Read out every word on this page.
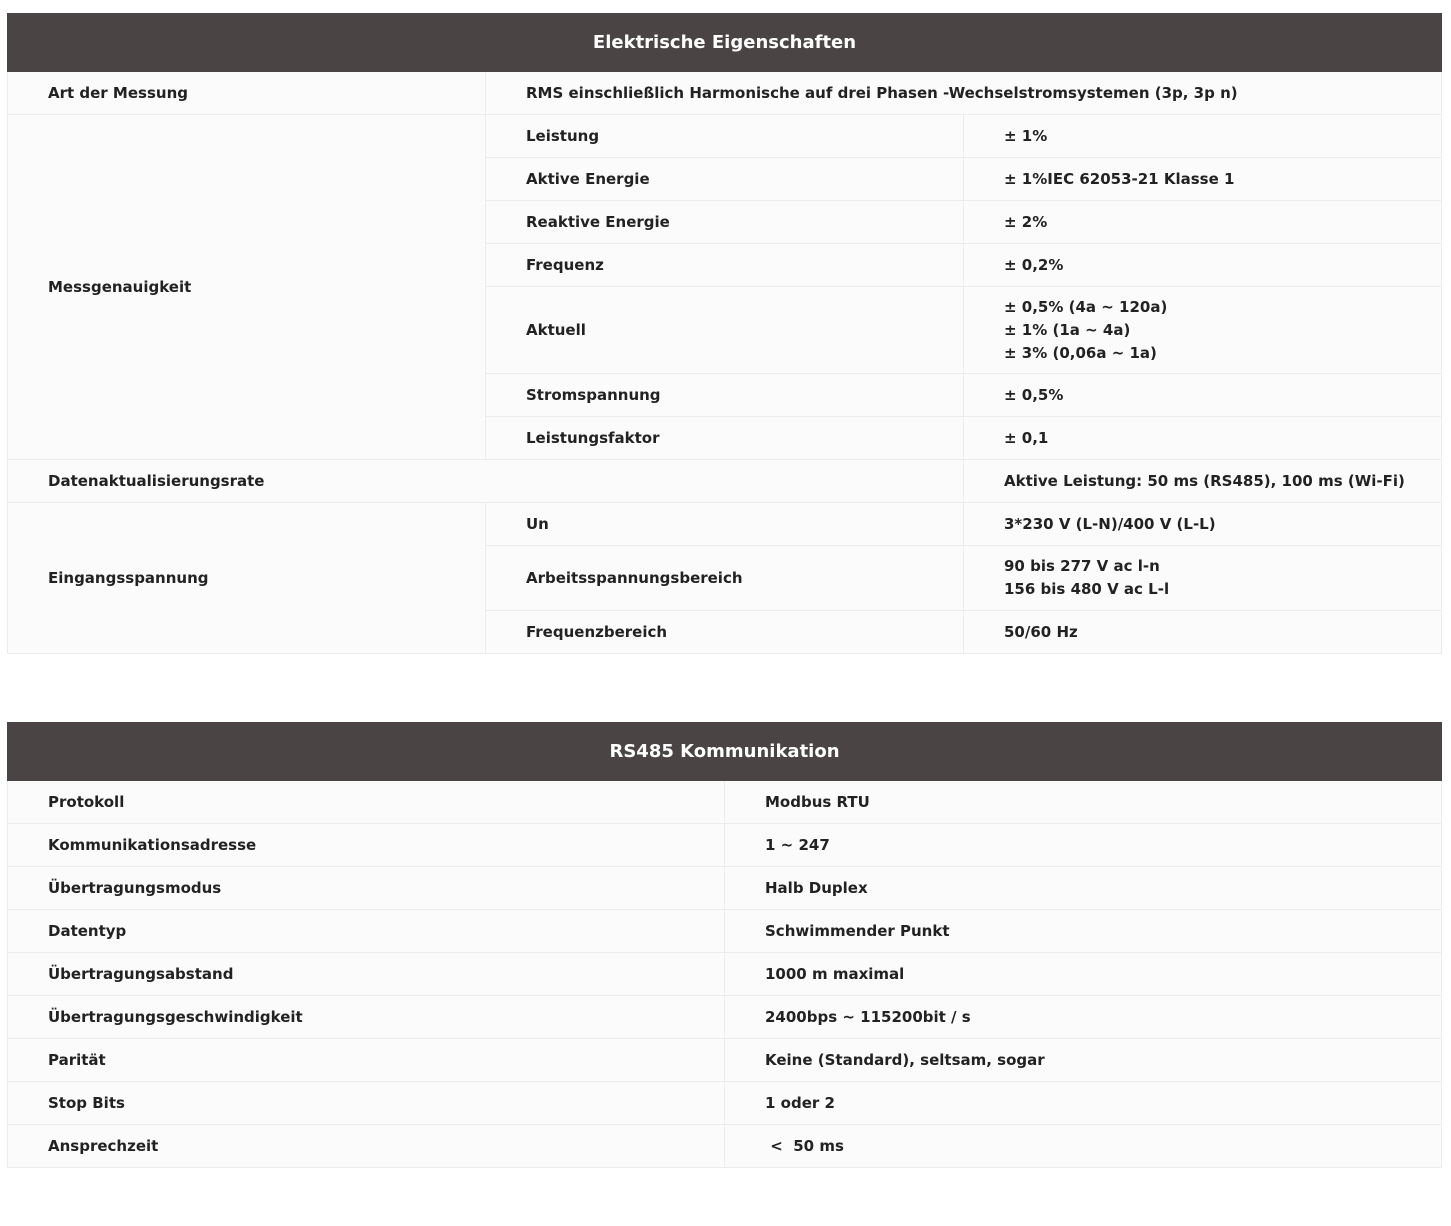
Elektrische Eigenschaften		
Art der Messung	RMS einschließlich Harmonische auf drei Phasen -Wechselstromsystemen (3p, 3p n)	
Messgenauigkeit	Leistung	± 1%
	Aktive Energie	± 1%IEC 62053-21 Klasse 1
	Reaktive Energie	± 2%
	Frequenz	± 0,2%
	Aktuell	± 0,5% (4a ~ 120a)
± 1% (1a ~ 4a)
± 3% (0,06a ~ 1a)

	Stromspannung	± 0,5%
	Leistungsfaktor	± 0,1
Datenaktualisierungsrate		Aktive Leistung: 50 ms (RS485), 100 ms (Wi-Fi)
Eingangsspannung	Un	3*230 V (L-N)/400 V (L-L)
	Arbeitsspannungsbereich	90 bis 277 V ac l-n
156 bis 480 V ac L-l

	Frequenzbereich	50/60 Hz
RS485 Kommunikation	
Protokoll	Modbus RTU
Kommunikationsadresse	1 ~ 247
Übertragungsmodus	Halb Duplex
Datentyp	Schwimmender Punkt
Übertragungsabstand	1000 m maximal
Übertragungsgeschwindigkeit	2400bps ~ 115200bit / s
Parität	Keine (Standard), seltsam, sogar
Stop Bits	1 oder 2
Ansprechzeit	<  50 ms
